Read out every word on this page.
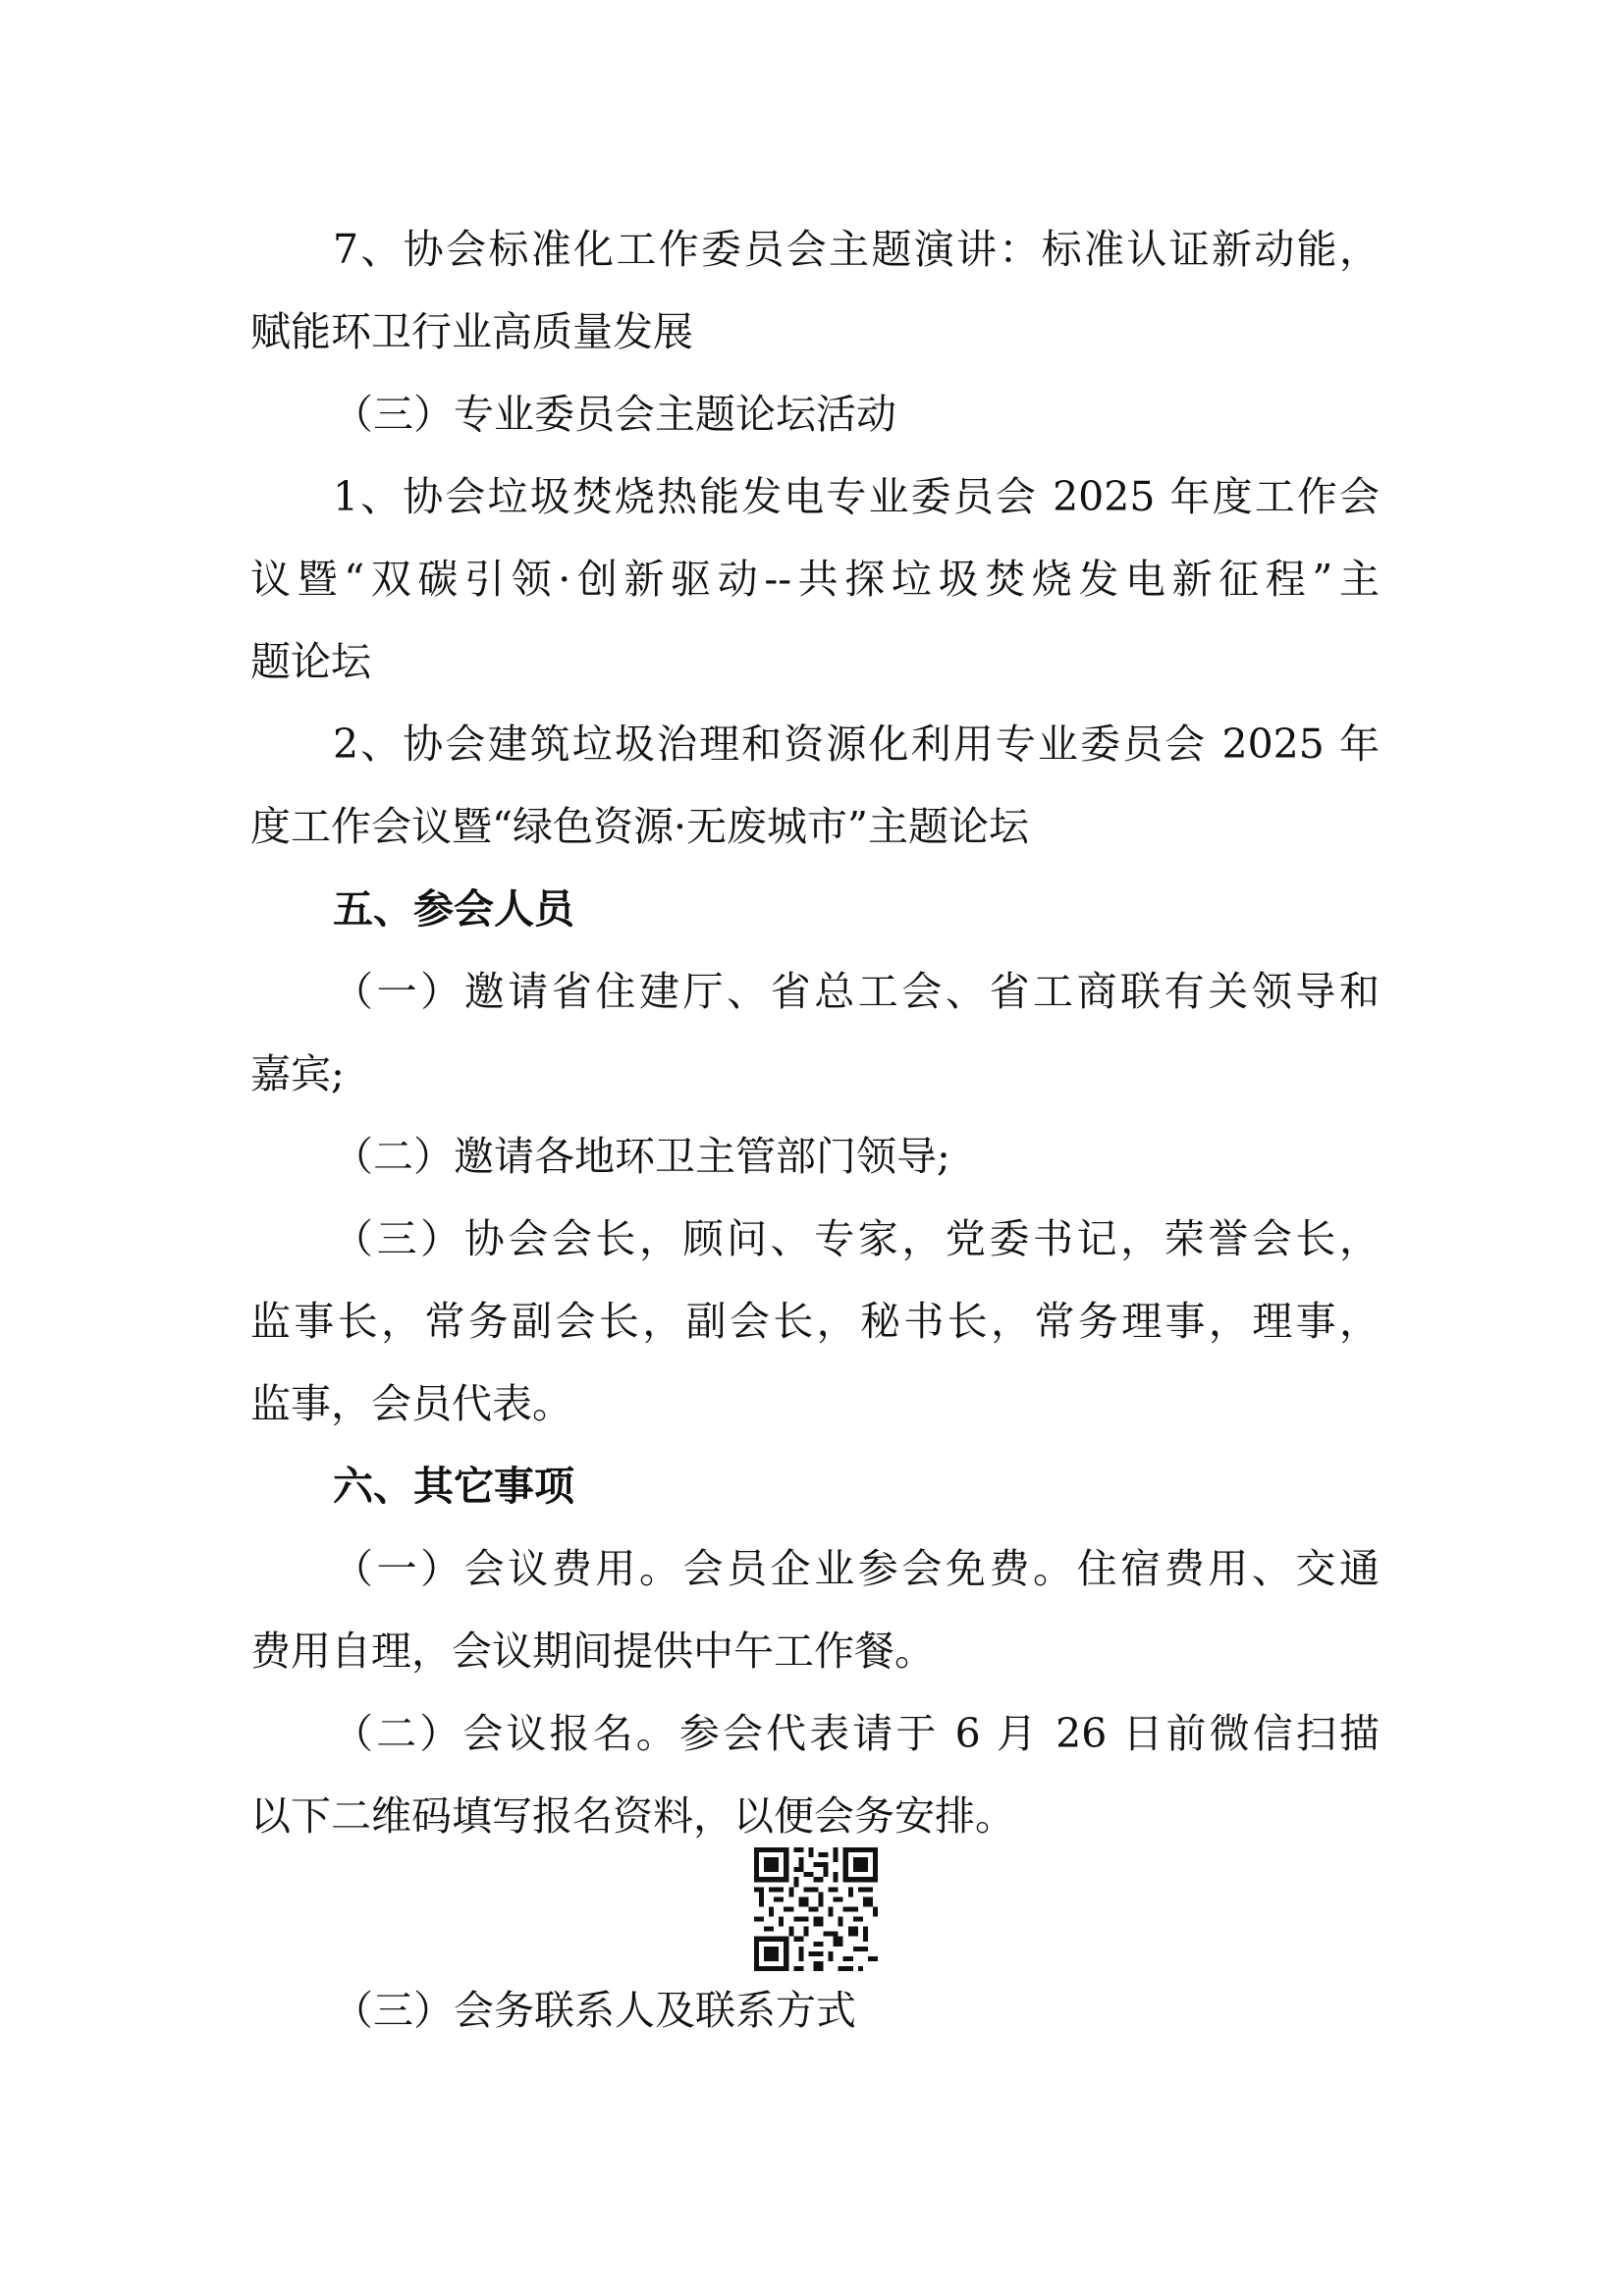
7、协会标准化工作委员会主题演讲：标准认证新动能，
赋能环卫行业高质量发展
（三）专业委员会主题论坛活动
1、协会垃圾焚烧热能发电专业委员会 2025 年度工作会
议暨“双碳引领·创新驱动--共探垃圾焚烧发电新征程”主
题论坛
2、协会建筑垃圾治理和资源化利用专业委员会 2025 年
度工作会议暨“绿色资源·无废城市”主题论坛
五、参会人员
（一）邀请省住建厅、省总工会、省工商联有关领导和
嘉宾;
（二）邀请各地环卫主管部门领导;
（三）协会会长，顾问、专家，党委书记，荣誉会长，
监事长，常务副会长，副会长，秘书长，常务理事，理事，
监事，会员代表。
六、其它事项
（一）会议费用。会员企业参会免费。住宿费用、交通
费用自理，会议期间提供中午工作餐。
（二）会议报名。参会代表请于 6 月 26 日前微信扫描
以下二维码填写报名资料，以便会务安排。
（三）会务联系人及联系方式
